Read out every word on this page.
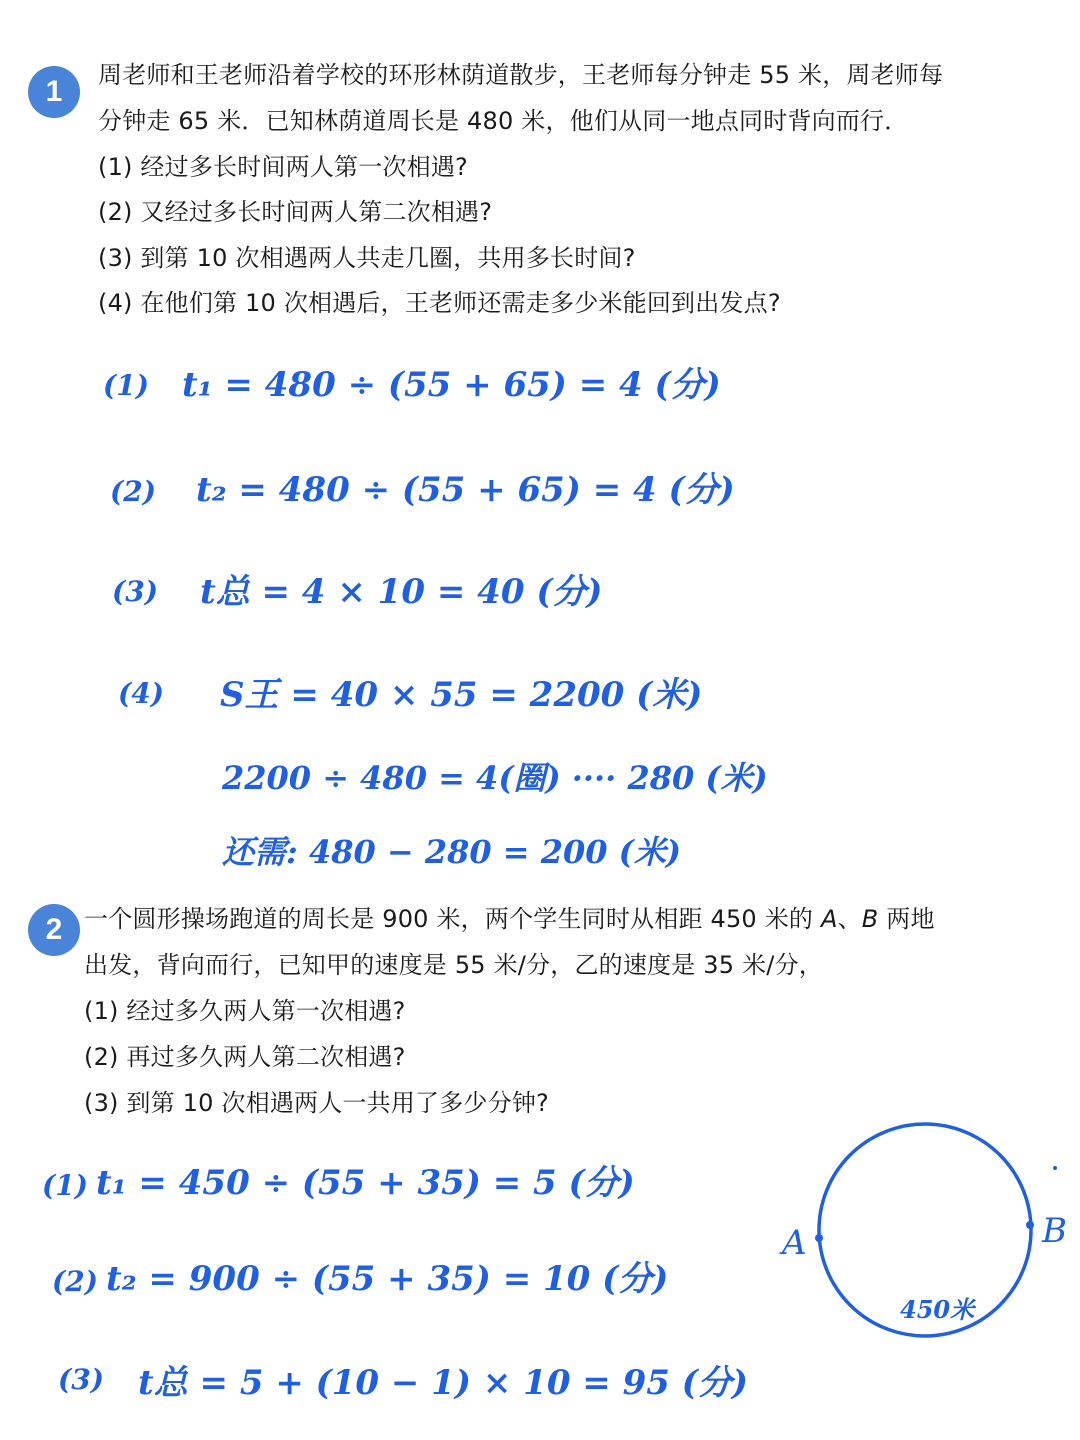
1	周老师和王老师沿着学校的环形林荫道散步，王老师每分钟走 55 米，周老师每
分钟走 65 米．已知林荫道周长是 480 米，他们从同一地点同时背向而行．
(1) 经过多长时间两人第一次相遇?
(2) 又经过多长时间两人第二次相遇?
(3) 到第 10 次相遇两人共走几圈，共用多长时间?
(4) 在他们第 10 次相遇后，王老师还需走多少米能回到出发点?
(1) t₁ = 480 ÷ (55 + 65) = 4 (分)
(2) t₂ = 480 ÷ (55 + 65) = 4 (分)
(3) t总 = 4 × 10 = 40 (分)
(4) S王 = 40 × 55 = 2200 (米)
2200 ÷ 480 = 4(圈) ···· 280 (米)
还需: 480 − 280 = 200 (米)
2 一个圆形操场跑道的周长是 900 米，两个学生同时从相距 450 米的 A、B 两地
出发，背向而行，已知甲的速度是 55 米/分，乙的速度是 35 米/分，
(1) 经过多久两人第一次相遇?
(2) 再过多久两人第二次相遇?
(3) 到第 10 次相遇两人一共用了多少分钟?
(1) t₁ = 450 ÷ (55 + 35) = 5 (分)
(2) t₂ = 900 ÷ (55 + 35) = 10 (分)
(3) t总 = 5 + (10 − 1) × 10 = 95 (分)
A	B
450米
